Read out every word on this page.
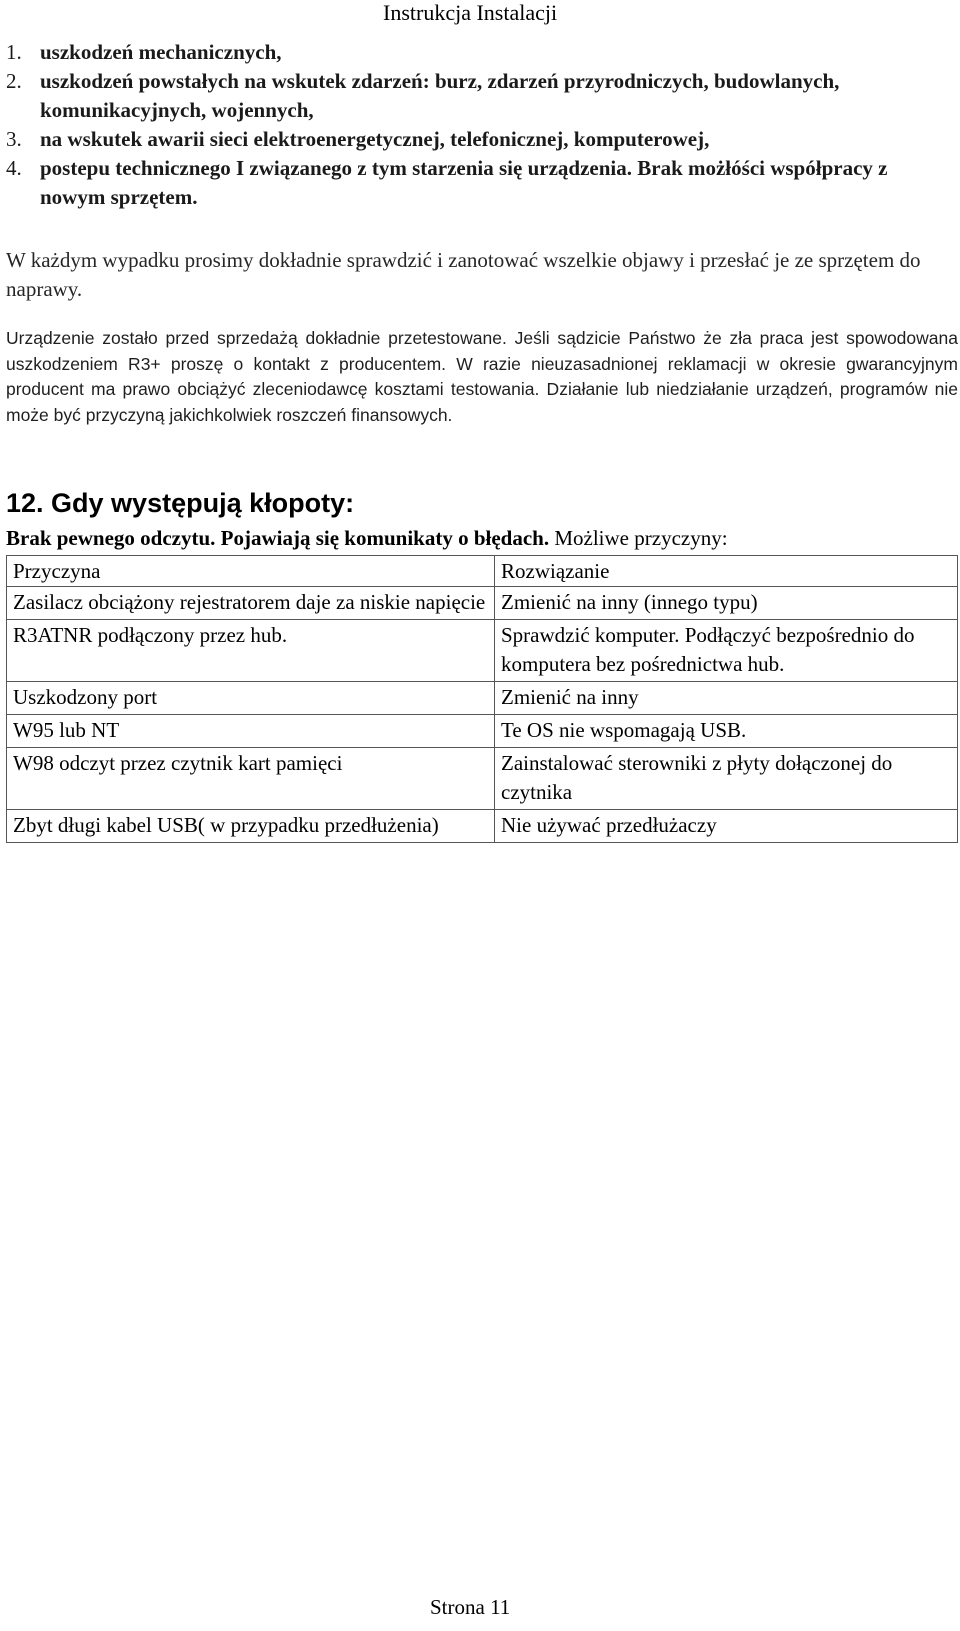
Instrukcja Instalacji
1. uszkodzeń mechanicznych,
2. uszkodzeń powstałych na wskutek zdarzeń: burz, zdarzeń przyrodniczych, budowlanych, komunikacyjnych, wojennych,
3. na wskutek awarii sieci elektroenergetycznej, telefonicznej, komputerowej,
4. postepu technicznego I związanego z tym starzenia się urządzenia. Brak możłóści współpracy z nowym sprzętem.

W każdym wypadku prosimy dokładnie sprawdzić i zanotować wszelkie objawy i przesłać je ze sprzętem do naprawy.

Urządzenie zostało przed sprzedażą dokładnie przetestowane. Jeśli sądzicie Państwo że zła praca jest spowodowana uszkodzeniem R3+ proszę o kontakt z producentem. W razie nieuzasadnionej reklamacji w okresie gwarancyjnym producent ma prawo obciążyć zleceniodawcę kosztami testowania. Działanie lub niedziałanie urządzeń, programów nie może być przyczyną jakichkolwiek roszczeń finansowych.

12. Gdy występują kłopoty:

Brak pewnego odczytu. Pojawiają się komunikaty o błędach. Możliwe przyczyny:

Przyczyna	Rozwiązanie
Zasilacz obciążony rejestratorem daje za niskie napięcie	Zmienić na inny (innego typu)
R3ATNR podłączony przez hub.	Sprawdzić komputer. Podłączyć bezpośrednio do komputera bez pośrednictwa hub.
Uszkodzony port	Zmienić na inny
W95 lub NT	Te OS nie wspomagają USB.
W98 odczyt przez czytnik kart pamięci	Zainstalować sterowniki z płyty dołączonej do czytnika
Zbyt długi kabel USB( w przypadku przedłużenia)	Nie używać przedłużaczy
Strona 11
